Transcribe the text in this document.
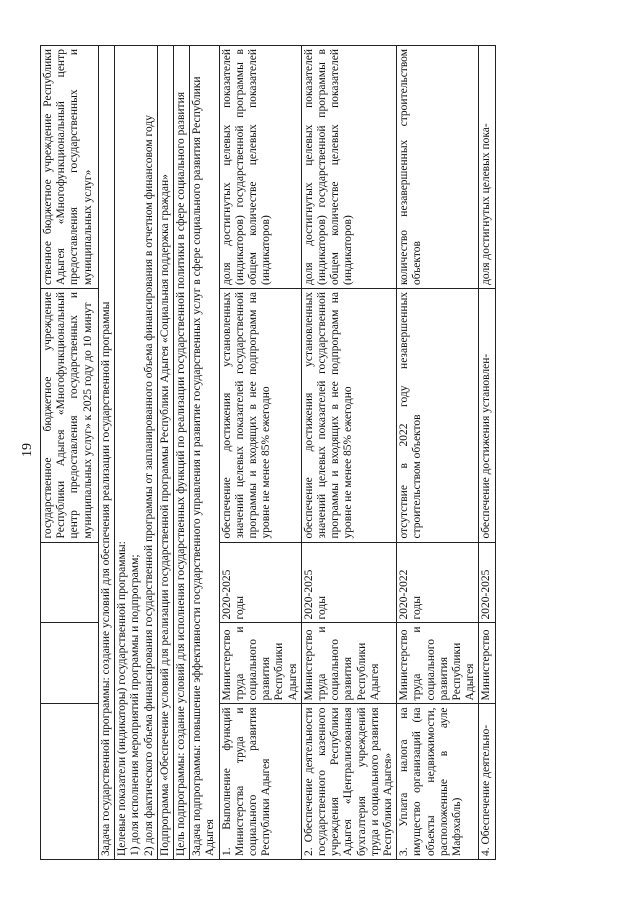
19
			государственное бюджетное учреждение Республики Адыгея «Многофункциональный центр предоставления государственных и муниципальных услуг» к 2025 году до 10 минут	ственное бюджетное учреждение Республики Адыгея «Многофункциональный центр предоставления государственных и муниципальных услуг»
Задача государственной программы: создание условий для обеспечения реализации государственной программы				

Целевые показатели (индикаторы) государственной программы: 1) доля исполнения мероприятий программы и подпрограмм; 2) доля фактического объема финансирования государственной программы от запланированного объема финансирования в отчетном финансовом году				

Подпрограмма «Обеспечение условий для реализации государственной программы Республики Адыгея «Социальная поддержка граждан»				
Цель подпрограммы: создание условий для исполнения государственных функций по реализации государственной политики в сфере социального развития				
Задача подпрограммы: повышение эффективности государственного управления и развитие государственных услуг в сфере социального развития Республики Адыгея				
1. Выполнение функций Министерства труда и социального развития Республики Адыгея	Министерство труда и социального развития Республики Адыгея	2020-2025 годы	обеспечение достижения установленных значений целевых показателей государственной программы и входящих в нее подпрограмм на уровне не менее 85% ежегодно	доля достигнутых целевых показателей (индикаторов) государственной программы в общем количестве целевых показателей (индикаторов)
2. Обеспечение деятельности государственного казенного учреждения Республики Адыгея «Централизованная бухгалтерия учреждений труда и социального развития Республики Адыгея»	Министерство труда и социального развития Республики Адыгея	2020-2025 годы	обеспечение достижения установленных значений целевых показателей государственной программы и входящих в нее подпрограмм на уровне не менее 85% ежегодно	доля достигнутых целевых показателей (индикаторов) государственной программы в общем количестве целевых показателей (индикаторов)
3. Уплата налога на имущество организаций (на объекты недвижимости, расположенные в ауле Мафэхабль)	Министерство труда и социального развития Республики Адыгея	2020-2022 годы	отсутствие в 2022 году незавершенных строительством объектов	количество незавершенных строительством объектов
4. Обеспечение деятельно-	Министерство	2020-2025	обеспечение достижения установлен-	доля достигнутых целевых пока-
